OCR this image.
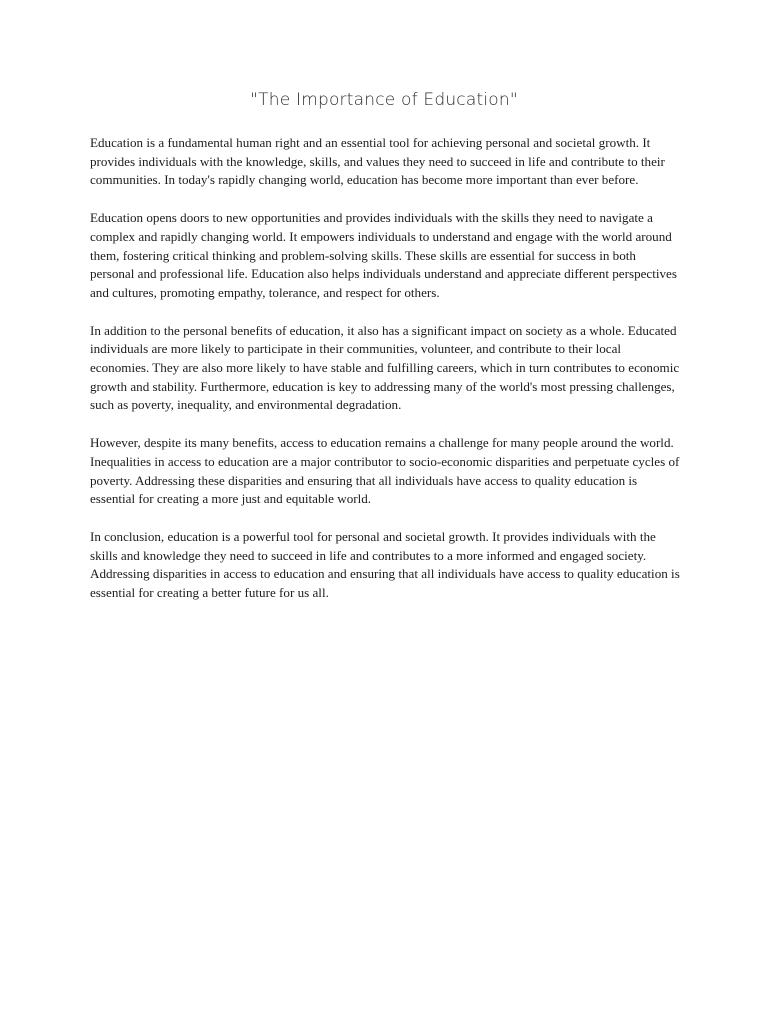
"The Importance of Education"

Education is a fundamental human right and an essential tool for achieving personal and societal growth. It provides individuals with the knowledge, skills, and values they need to succeed in life and contribute to their communities. In today's rapidly changing world, education has become more important than ever before.

Education opens doors to new opportunities and provides individuals with the skills they need to navigate a complex and rapidly changing world. It empowers individuals to understand and engage with the world around them, fostering critical thinking and problem-solving skills. These skills are essential for success in both personal and professional life. Education also helps individuals understand and appreciate different perspectives and cultures, promoting empathy, tolerance, and respect for others.

In addition to the personal benefits of education, it also has a significant impact on society as a whole. Educated individuals are more likely to participate in their communities, volunteer, and contribute to their local economies. They are also more likely to have stable and fulfilling careers, which in turn contributes to economic growth and stability. Furthermore, education is key to addressing many of the world's most pressing challenges, such as poverty, inequality, and environmental degradation.

However, despite its many benefits, access to education remains a challenge for many people around the world. Inequalities in access to education are a major contributor to socio-economic disparities and perpetuate cycles of poverty. Addressing these disparities and ensuring that all individuals have access to quality education is essential for creating a more just and equitable world.

In conclusion, education is a powerful tool for personal and societal growth. It provides individuals with the skills and knowledge they need to succeed in life and contributes to a more informed and engaged society. Addressing disparities in access to education and ensuring that all individuals have access to quality education is essential for creating a better future for us all.
